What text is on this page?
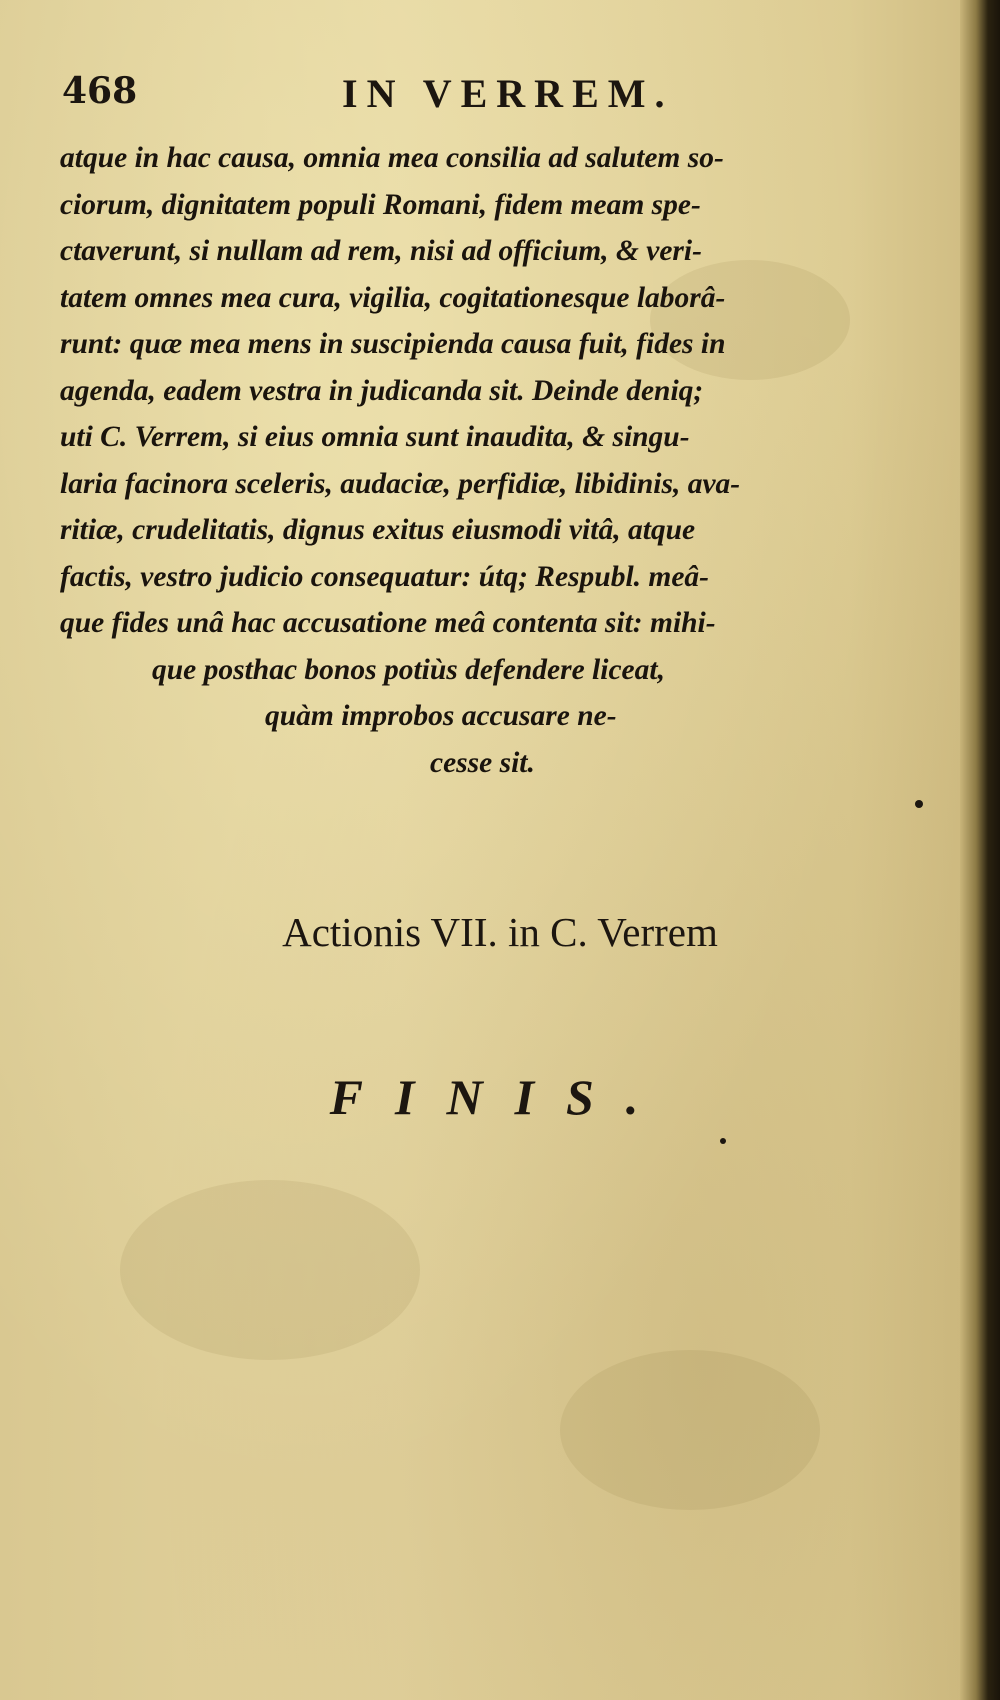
468	IN VERREM.
atque in hac causa, omnia mea consilia ad salutem so-
ciorum, dignitatem populi Romani, fidem meam spe-
ctaverunt, si nullam ad rem, nisi ad officium, & veri-
tatem omnes mea cura, vigilia, cogitationesque laborâ-
runt: quæ mea mens in suscipienda causa fuit, fides in
agenda, eadem vestra in judicanda sit. Deinde deniq;
uti C. Verrem, si eius omnia sunt inaudita, & singu-
laria facinora sceleris, audaciæ, perfidiæ, libidinis, ava-
ritiæ, crudelitatis, dignus exitus eiusmodi vitâ, atque
factis, vestro judicio consequatur: útq; Respubl. meâ-
que fides unâ hac accusatione meâ contenta sit: mihi-
que posthac bonos potiùs defendere liceat,
quàm improbos accusare ne-
cesse sit.
Actionis VII. in C. Verrem
FINIS.
